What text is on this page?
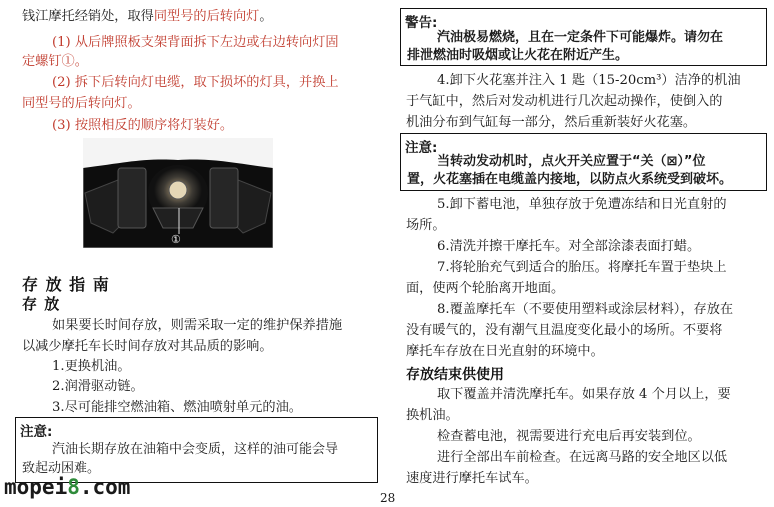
钱江摩托经销处，取得同型号的后转向灯。
(1) 从后牌照板支架背面拆下左边或右边转向灯固
定螺钉①。
(2) 拆下后转向灯电缆，取下损坏的灯具，并换上
同型号的后转向灯。
(3) 按照相反的顺序将灯装好。
①
存 放 指 南
存 放
如果要长时间存放，则需采取一定的维护保养措施
以减少摩托车长时间存放对其品质的影响。
1.更换机油。
2.润滑驱动链。
3.尽可能排空燃油箱、燃油喷射单元的油。
注意:
汽油长期存放在油箱中会变质，这样的油可能会导
致起动困难。
警告:
汽油极易燃烧，且在一定条件下可能爆炸。请勿在
排泄燃油时吸烟或让火花在附近产生。
4.卸下火花塞并注入 1 匙（15-20cm³）洁净的机油
于气缸中，然后对发动机进行几次起动操作，使倒入的
机油分布到气缸每一部分，然后重新装好火花塞。
注意:
当转动发动机时，点火开关应置于“关（⊠）”位
置，火花塞插在电缆盖内接地，以防点火系统受到破坏。
5.卸下蓄电池，单独存放于免遭冻结和日光直射的
场所。
6.清洗并擦干摩托车。对全部涂漆表面打蜡。
7.将轮胎充气到适合的胎压。将摩托车置于垫块上
面，使两个轮胎离开地面。
8.覆盖摩托车（不要使用塑料或涂层材料），存放在
没有暖气的，没有潮气且温度变化最小的场所。不要将
摩托车存放在日光直射的环境中。
存放结束供使用
取下覆盖并清洗摩托车。如果存放 4 个月以上，要
换机油。
检查蓄电池，视需要进行充电后再安装到位。
进行全部出车前检查。在远离马路的安全地区以低
速度进行摩托车试车。
28
mopei8.com
